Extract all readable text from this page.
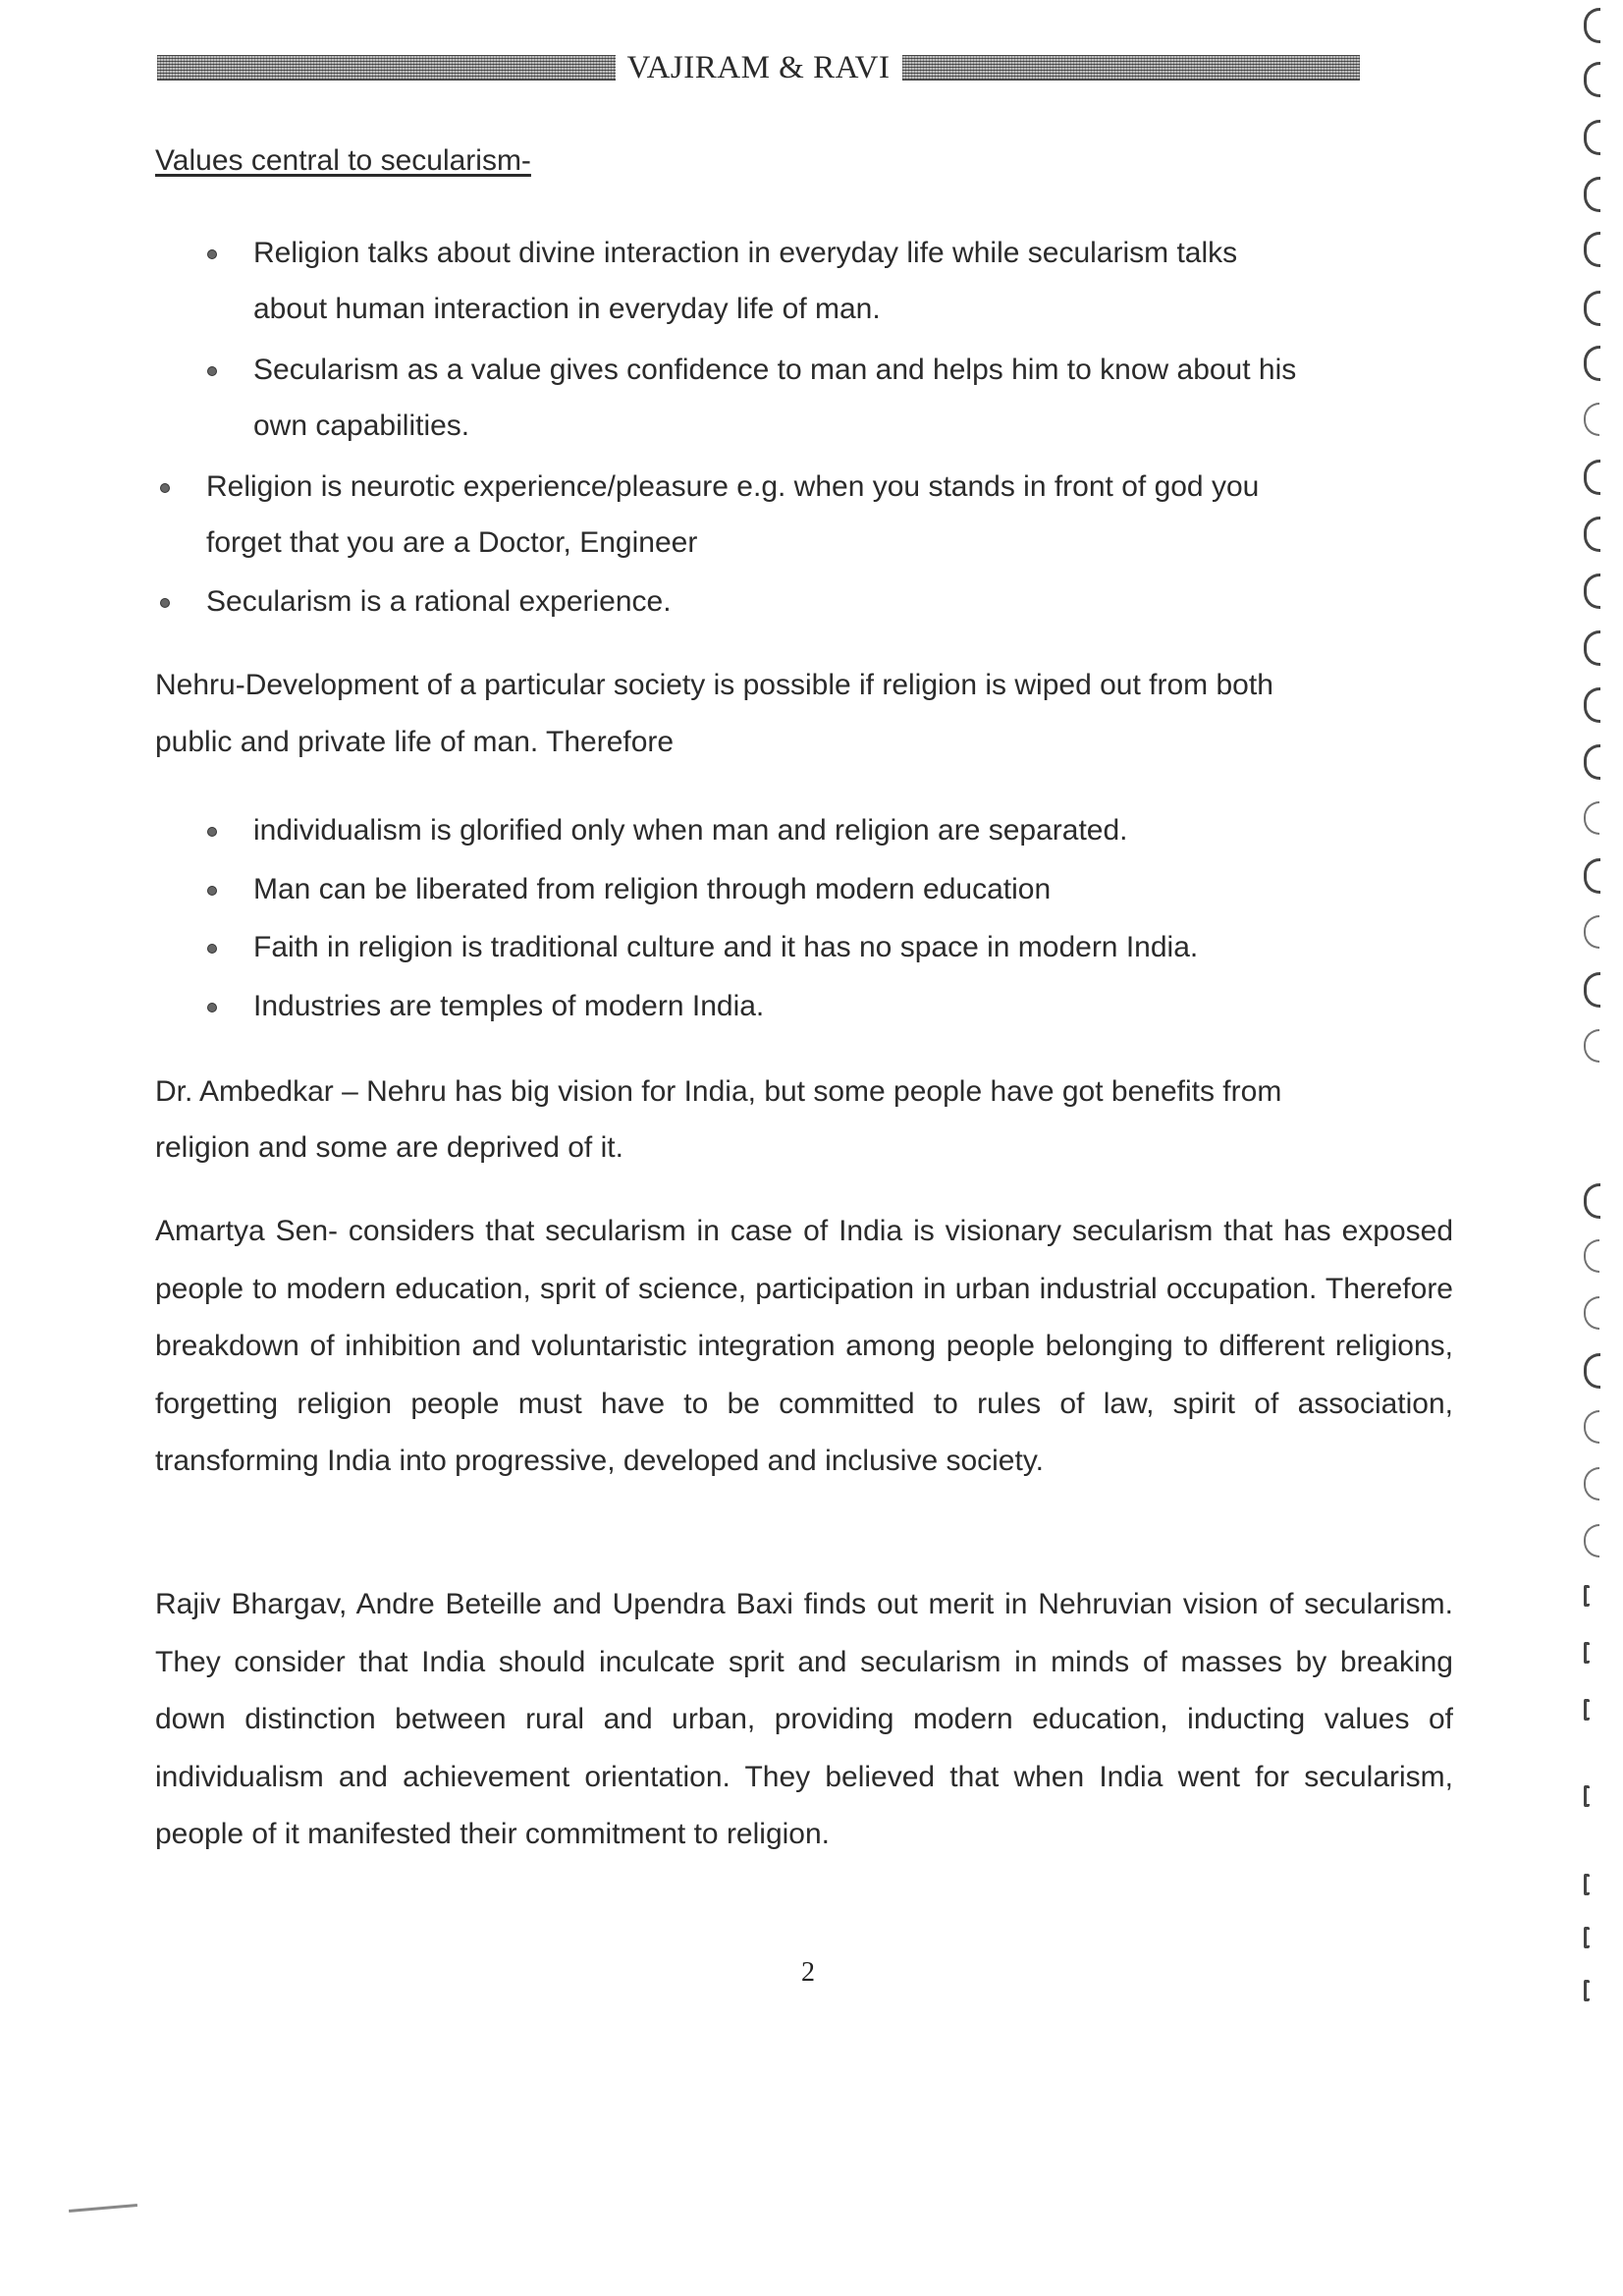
VAJIRAM & RAVI
Values central to secularism-
Religion talks about divine interaction in everyday life while secularism talks
about human interaction in everyday life of man.
Secularism as a value gives confidence to man and helps him to know about his
own capabilities.
Religion is neurotic experience/pleasure e.g. when you stands in front of god you
forget that you are a Doctor, Engineer
Secularism is a rational experience.
Nehru-Development of a particular society is possible if religion is wiped out from both
public and private life of man. Therefore
individualism is glorified only when man and religion are separated.
Man can be liberated from religion through modern education
Faith in religion is traditional culture and it has no space in modern India.
Industries are temples of modern India.
Dr. Ambedkar – Nehru has big vision for India, but some people have got benefits from
religion and some are deprived of it.
Amartya Sen- considers that secularism in case of India is visionary secularism that has exposed people to modern education, sprit of science, participation in urban industrial occupation. Therefore breakdown of inhibition and voluntaristic integration among people belonging to different religions, forgetting religion people must have to be committed to rules of law, spirit of association, transforming India into progressive, developed and inclusive society.
Rajiv Bhargav, Andre Beteille and Upendra Baxi finds out merit in Nehruvian vision of secularism. They consider that India should inculcate sprit and secularism in minds of masses by breaking down distinction between rural and urban, providing modern education, inducting values of individualism and achievement orientation. They believed that when India went for secularism, people of it manifested their commitment to religion.
2
